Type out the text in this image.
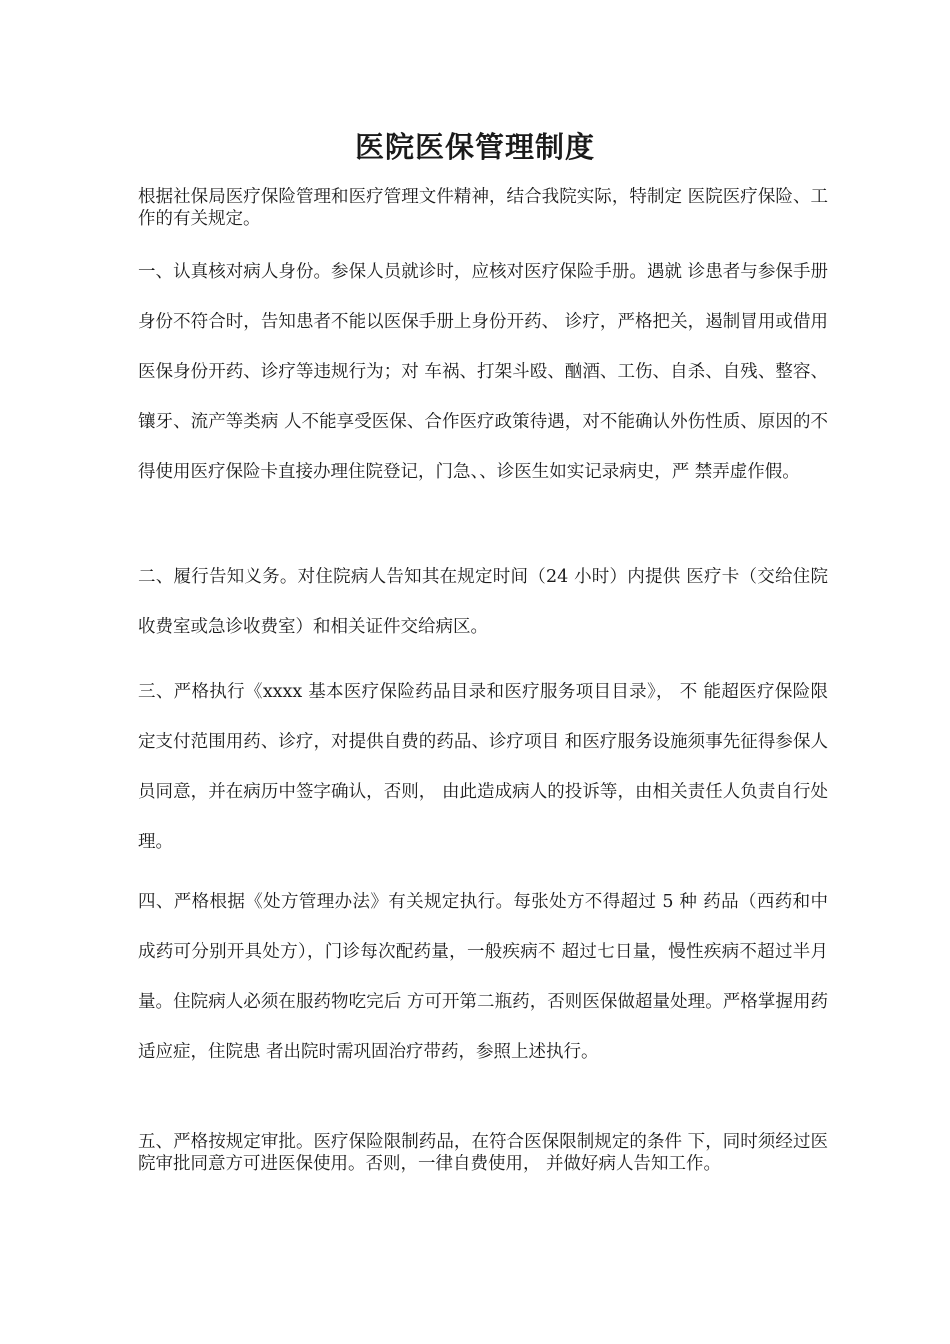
医院医保管理制度

根据社保局医疗保险管理和医疗管理文件精神，结合我院实际，特制定 医院医疗保险、工作的有关规定。

一、认真核对病人身份。参保人员就诊时，应核对医疗保险手册。遇就 诊患者与参保手册身份不符合时，告知患者不能以医保手册上身份开药、 诊疗，严格把关，遏制冒用或借用医保身份开药、诊疗等违规行为；对 车祸、打架斗殴、酗酒、工伤、自杀、自残、整容、镶牙、流产等类病 人不能享受医保、合作医疗政策待遇，对不能确认外伤性质、原因的不 得使用医疗保险卡直接办理住院登记，门急、、诊医生如实记录病史，严 禁弄虚作假。

二、履行告知义务。对住院病人告知其在规定时间（24 小时）内提供 医疗卡（交给住院收费室或急诊收费室）和相关证件交给病区。

三、严格执行《xxxx 基本医疗保险药品目录和医疗服务项目目录》， 不 能超医疗保险限定支付范围用药、诊疗，对提供自费的药品、诊疗项目 和医疗服务设施须事先征得参保人员同意，并在病历中签字确认，否则， 由此造成病人的投诉等，由相关责任人负责自行处理。

四、严格根据《处方管理办法》有关规定执行。每张处方不得超过 5 种 药品（西药和中成药可分别开具处方），门诊每次配药量，一般疾病不 超过七日量，慢性疾病不超过半月量。住院病人必须在服药物吃完后 方可开第二瓶药，否则医保做超量处理。严格掌握用药适应症，住院患 者出院时需巩固治疗带药，参照上述执行。

五、严格按规定审批。医疗保险限制药品，在符合医保限制规定的条件 下，同时须经过医院审批同意方可进医保使用。否则，一律自费使用， 并做好病人告知工作。
